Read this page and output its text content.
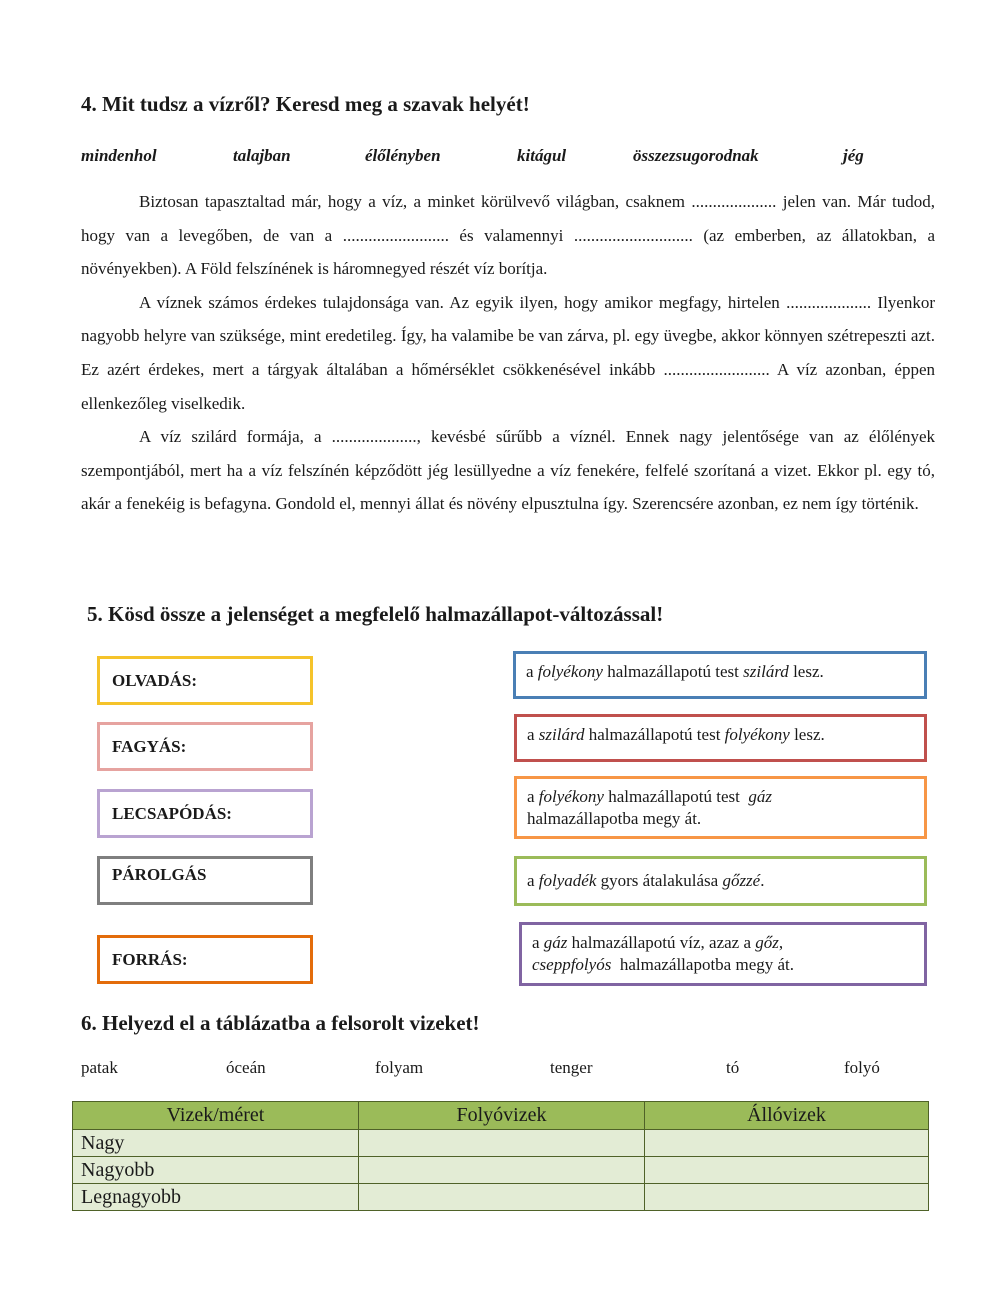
4. Mit tudsz a vízről? Keresd meg a szavak helyét!
mindenhol	talajban	élőlényben	kitágul	összezsugorodnak	jég

Biztosan tapasztaltad már, hogy a víz, a minket körülvevő világban, csaknem .................... jelen van. Már tudod, hogy van a levegőben, de van a ......................... és valamennyi ............................ (az emberben, az állatokban, a növényekben). A Föld felszínének is háromnegyed részét víz borítja.

A víznek számos érdekes tulajdonsága van. Az egyik ilyen, hogy amikor megfagy, hirtelen .................... Ilyenkor nagyobb helyre van szüksége, mint eredetileg. Így, ha valamibe be van zárva, pl. egy üvegbe, akkor könnyen szétrepeszti azt. Ez azért érdekes, mert a tárgyak általában a hőmérséklet csökkenésével inkább ......................... A víz azonban, éppen ellenkezőleg viselkedik.

A víz szilárd formája, a ...................., kevésbé sűrűbb a víznél. Ennek nagy jelentősége van az élőlények szempontjából, mert ha a víz felszínén képződött jég lesüllyedne a víz fenekére, felfelé szorítaná a vizet. Ekkor pl. egy tó, akár a fenekéig is befagyna. Gondold el, mennyi állat és növény elpusztulna így. Szerencsére azonban, ez nem így történik.

5. Kösd össze a jelenséget a megfelelő halmazállapot-változással!
OLVADÁS:
FAGYÁS:
LECSAPÓDÁS:
PÁROLGÁS
FORRÁS:
a folyékony halmazállapotú test szilárd lesz.
a szilárd halmazállapotú test folyékony lesz.
a folyékony halmazállapotú test  gáz
halmazállapotba megy át.
a folyadék gyors átalakulása gőzzé.
a gáz halmazállapotú víz, azaz a gőz,
cseppfolyós  halmazállapotba megy át.
6. Helyezd el a táblázatba a felsorolt vizeket!
patak	óceán	folyam	tenger	tó	folyó
Vizek/méret	Folyóvizek	Állóvizek
Nagy		
Nagyobb		
Legnagyobb		
